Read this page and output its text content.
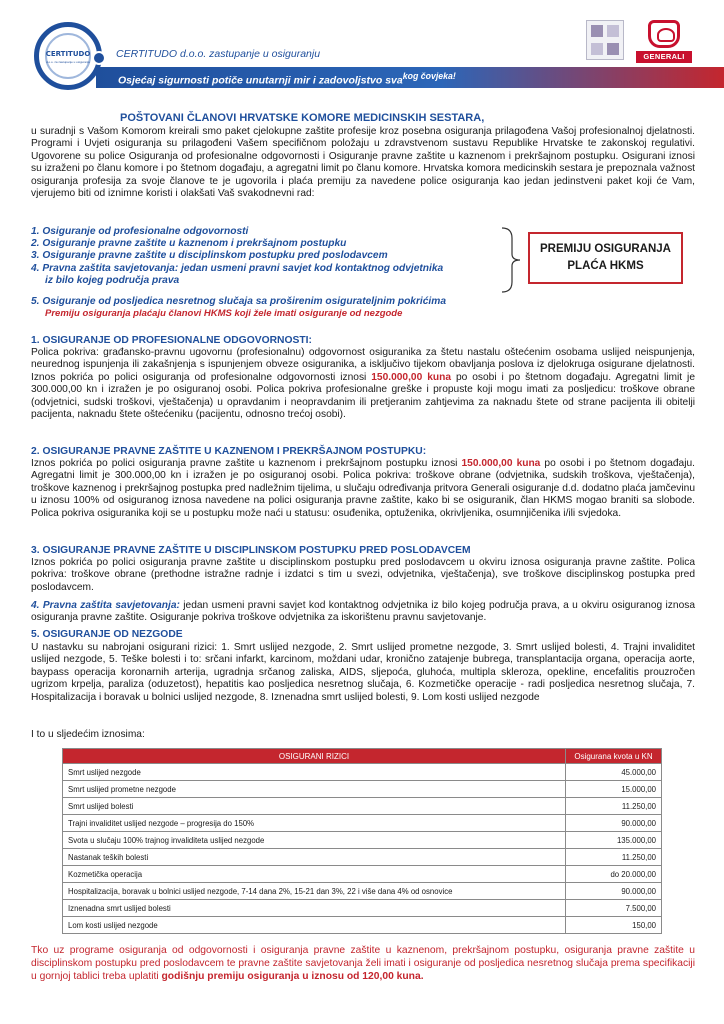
CERTITUDO
d.o.o. za zastupanje u osiguranju
CERTITUDO d.o.o. zastupanje u osiguranju
Osjećaj sigurnosti potiče unutarnji mir i zadovoljstvo sva$^{kog čovjeka!}$
GENERALI
POŠTOVANI ČLANOVI HRVATSKE KOMORE MEDICINSKIH SESTARA,
u suradnji s Vašom Komorom kreirali smo paket cjelokupne zaštite profesije kroz posebna osiguranja prilagođena Vašoj profesionalnoj djelatnosti. Programi i Uvjeti osiguranja su prilagođeni Vašem specifičnom položaju u zdravstvenom sustavu Republike Hrvatske te zakonskoj regulativi. Ugovorene su police Osiguranja od profesionalne odgovornosti i Osiguranje pravne zaštite u kaznenom i prekršajnom postupku. Osigurani iznosi su izraženi po članu komore i po štetnom događaju, a agregatni limit po članu komore. Hrvatska komora medicinskih sestara je prepoznala važnost osiguranja profesija za svoje članove te je ugovorila i plaća premiju za navedene police osiguranja kao jedan jedinstveni paket koji će Vam, vjerujemo biti od iznimne koristi i olakšati Vaš svakodnevni rad:
1. Osiguranje od profesionalne odgovornosti
2. Osiguranje pravne zaštite u kaznenom i prekršajnom postupku
3. Osiguranje pravne zaštite u disciplinskom postupku pred poslodavcem
4. Pravna zaštita savjetovanja: jedan usmeni pravni savjet kod kontaktnog odvjetnika
iz bilo kojeg područja prava
5. Osiguranje od posljedica nesretnog slučaja sa proširenim osigurateljnim pokrićima
Premiju osiguranja plaćaju članovi HKMS koji žele imati osiguranje od nezgode
PREMIJU OSIGURANJA
PLAĆA HKMS
1. OSIGURANJE OD PROFESIONALNE ODGOVORNOSTI:
Polica pokriva: građansko-pravnu ugovornu (profesionalnu) odgovornost osiguranika za štetu nastalu oštećenim osobama uslijed neispunjenja, neurednog ispunjenja ili zakašnjenja s ispunjenjem obveze osiguranika, a isključivo tijekom obavljanja poslova iz djelokruga osigurane djelatnosti. Iznos pokrića po polici osiguranja od profesionalne odgovornosti iznosi 150.000,00 kuna po osobi i po štetnom događaju. Agregatni limit je 300.000,00 kn i izražen je po osiguranoj osobi. Polica pokriva profesionalne greške i propuste koji mogu imati za posljedicu: troškove obrane (odvjetnici, sudski troškovi, vještačenja) u opravdanim i neopravdanim ili pretjeranim zahtjevima za naknadu štete od strane pacijenta ili obitelji pacijenta, naknadu štete oštećeniku (pacijentu, odnosno trećoj osobi).
2. OSIGURANJE PRAVNE ZAŠTITE U KAZNENOM I PREKRŠAJNOM POSTUPKU:
Iznos pokrića po polici osiguranja pravne zaštite u kaznenom i prekršajnom postupku iznosi 150.000,00 kuna po osobi i po štetnom događaju. Agregatni limit je 300.000,00 kn i izražen je po osiguranoj osobi. Polica pokriva: troškove obrane (odvjetnika, sudskih troškova, vještačenja), troškove kaznenog i prekršajnog postupka pred nadležnim tijelima, u slučaju određivanja pritvora Generali osiguranje d.d. dodatno plaća jamčevinu u iznosu 100% od osiguranog iznosa navedene na polici osiguranja pravne zaštite, kako bi se osiguranik, član HKMS mogao braniti sa slobode. Polica pokriva osiguranika koji se u postupku može naći u statusu: osuđenika, optuženika, okrivljenika, osumnjičenika i/ili svjedoka.
3. OSIGURANJE PRAVNE ZAŠTITE U DISCIPLINSKOM POSTUPKU PRED POSLODAVCEM
Iznos pokrića po polici osiguranja pravne zaštite u disciplinskom postupku pred poslodavcem u okviru iznosa osiguranja pravne zaštite. Polica pokriva: troškove obrane (prethodne istražne radnje i izdatci s tim u svezi, odvjetnika, vještačenja), sve troškove disciplinskog postupka pred poslodavcem.
4. Pravna zaštita savjetovanja: jedan usmeni pravni savjet kod kontaktnog odvjetnika iz bilo kojeg područja prava, a u okviru osiguranog iznosa osiguranja pravne zaštite. Osiguranje pokriva troškove odvjetnika za iskorištenu pravnu savjetovanje.
5. OSIGURANJE OD NEZGODE
U nastavku su nabrojani osigurani rizici: 1. Smrt uslijed nezgode, 2. Smrt uslijed prometne nezgode, 3. Smrt uslijed bolesti, 4. Trajni invaliditet uslijed nezgode, 5. Teške bolesti i to: srčani infarkt, karcinom, moždani udar, kronično zatajenje bubrega, transplantacija organa, operacija aorte, baypass operacija koronarnih arterija, ugradnja srčanog zaliska, AIDS, sljepoća, gluhoća, multipla skleroza, opekline, encefalitis prouzročen ugrizom krpelja, paraliza (oduzetost), hepatitis kao posljedica nesretnog slučaja, 6. Kozmetičke operacije - radi posljedica nesretnog slučaja, 7. Hospitalizacija i boravak u bolnici uslijed nezgode, 8. Iznenadna smrt uslijed bolesti, 9. Lom kosti uslijed nezgode
I to u sljedećim iznosima:
OSIGURANI RIZICI	Osigurana kvota u KN
Smrt uslijed nezgode	45.000,00
Smrt uslijed prometne nezgode	15.000,00
Smrt uslijed bolesti	11.250,00
Trajni invaliditet uslijed nezgode – progresija do 150%	90.000,00
Svota u slučaju 100% trajnog invaliditeta uslijed nezgode	135.000,00
Nastanak teških bolesti	11.250,00
Kozmetička operacija	do 20.000,00
Hospitalizacija, boravak u bolnici uslijed nezgode, 7-14 dana 2%, 15-21 dan 3%, 22 i više dana 4% od osnovice	90.000,00
Iznenadna smrt uslijed bolesti	7.500,00
Lom kosti uslijed nezgode	150,00
Tko uz programe osiguranja od odgovornosti i osiguranja pravne zaštite u kaznenom, prekršajnom postupku, osiguranja pravne zaštite u disciplinskom postupku pred poslodavcem te pravne zaštite savjetovanja želi imati i osiguranje od posljedica nesretnog slučaja prema specifikaciji u gornjoj tablici treba uplatiti godišnju premiju osiguranja u iznosu od 120,00 kuna.
